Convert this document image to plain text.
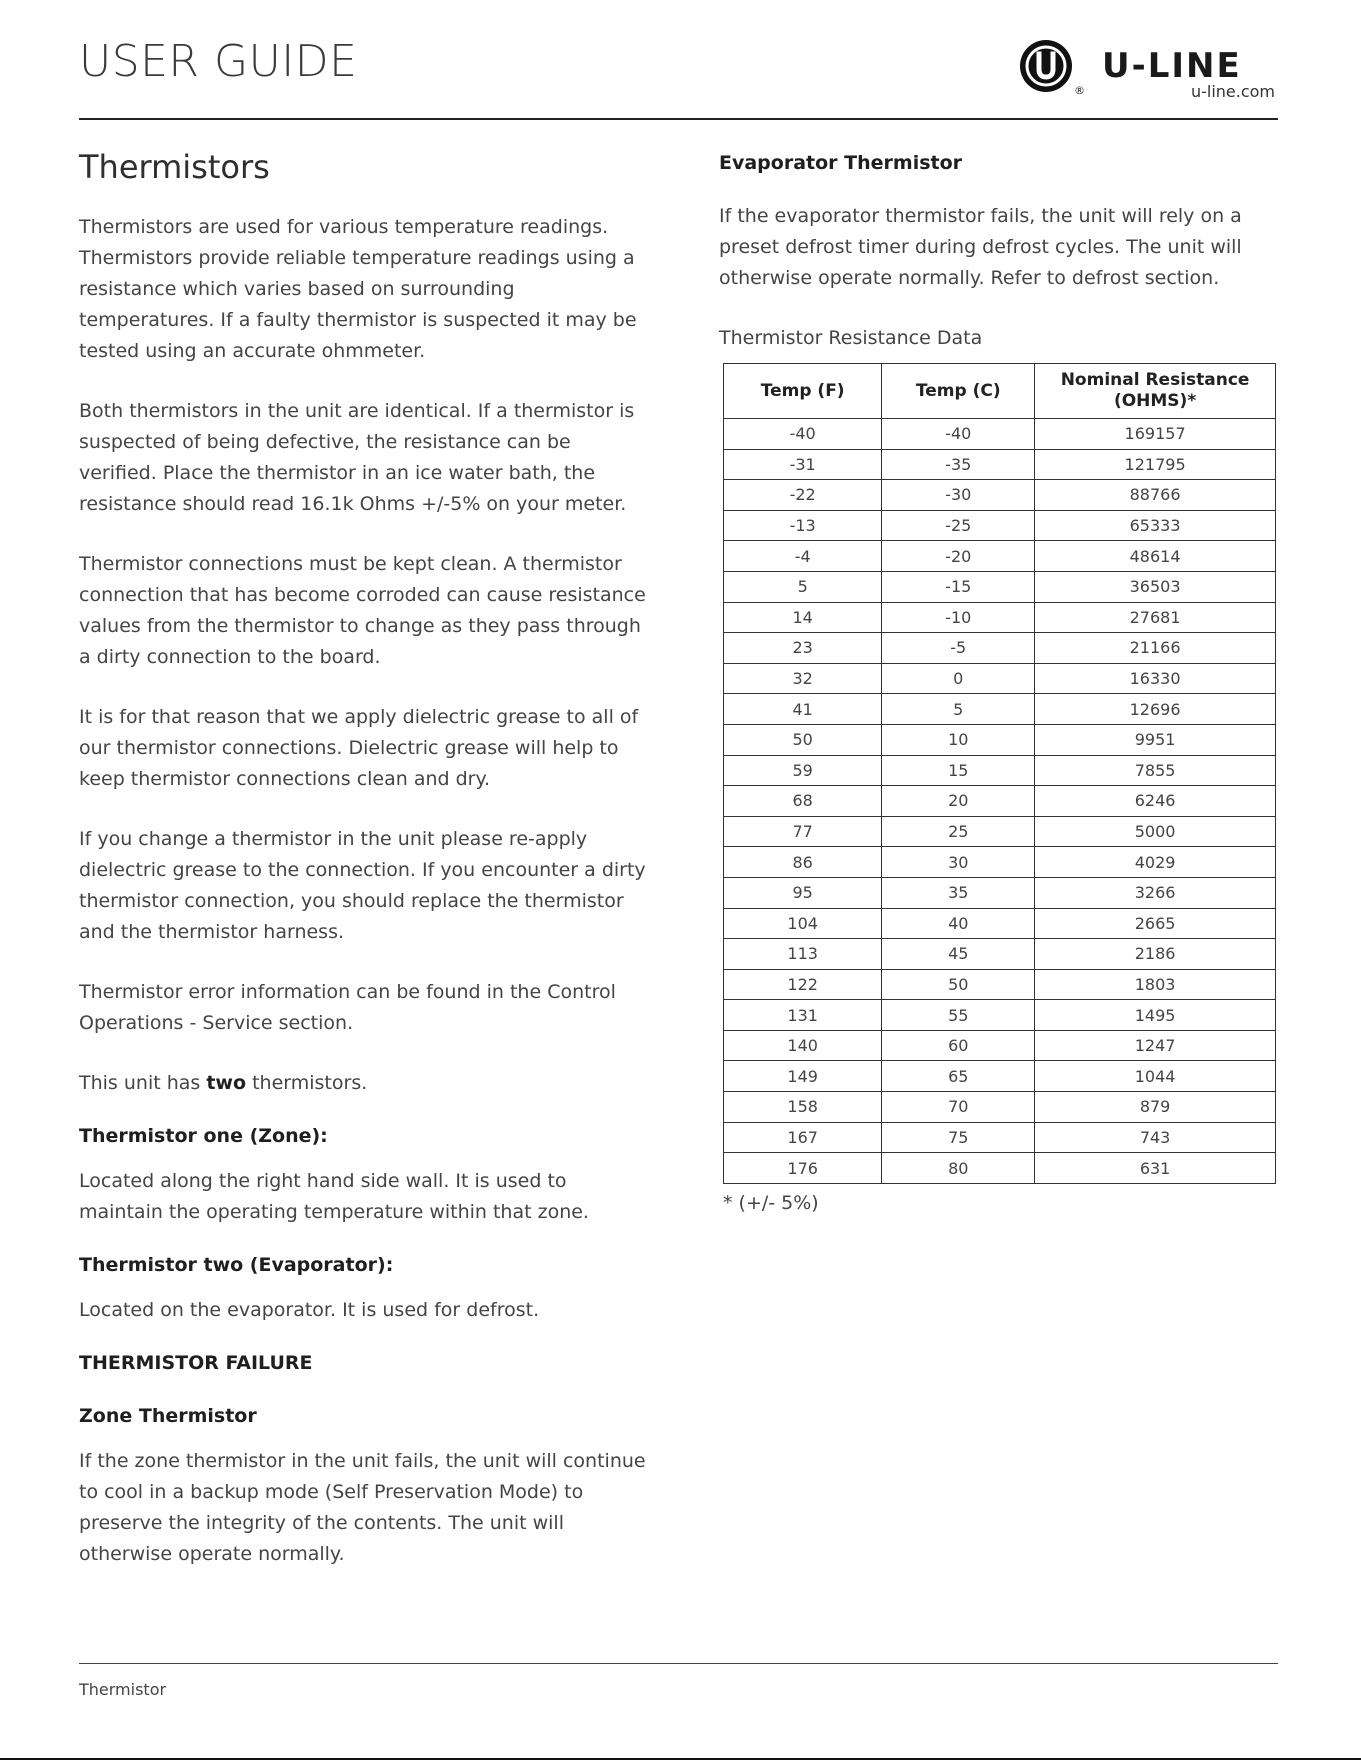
USER GUIDE
®
U-LINE
u-line.com
Thermistors

Thermistors are used for various temperature readings. Thermistors provide reliable temperature readings using a resistance which varies based on surrounding temperatures. If a faulty thermistor is suspected it may be tested using an accurate ohmmeter.

Both thermistors in the unit are identical. If a thermistor is suspected of being defective, the resistance can be verified. Place the thermistor in an ice water bath, the resistance should read 16.1k Ohms +/-5% on your meter.

Thermistor connections must be kept clean. A thermistor connection that has become corroded can cause resistance values from the thermistor to change as they pass through a dirty connection to the board.

It is for that reason that we apply dielectric grease to all of our thermistor connections. Dielectric grease will help to keep thermistor connections clean and dry.

If you change a thermistor in the unit please re-apply dielectric grease to the connection. If you encounter a dirty thermistor connection, you should replace the thermistor and the thermistor harness.

Thermistor error information can be found in the Control Operations - Service section.

This unit has two thermistors.

Thermistor one (Zone):

Located along the right hand side wall. It is used to maintain the operating temperature within that zone.

Thermistor two (Evaporator):

Located on the evaporator. It is used for defrost.

THERMISTOR FAILURE
Zone Thermistor

If the zone thermistor in the unit fails, the unit will continue to cool in a backup mode (Self Preservation Mode) to preserve the integrity of the contents. The unit will otherwise operate normally.

Evaporator Thermistor

If the evaporator thermistor fails, the unit will rely on a preset defrost timer during defrost cycles. The unit will otherwise operate normally. Refer to defrost section.

Thermistor Resistance Data

Temp (F)	Temp (C)	Nominal Resistance (OHMS)*
-40	-40	169157
-31	-35	121795
-22	-30	88766
-13	-25	65333
-4	-20	48614
5	-15	36503
14	-10	27681
23	-5	21166
32	0	16330
41	5	12696
50	10	9951
59	15	7855
68	20	6246
77	25	5000
86	30	4029
95	35	3266
104	40	2665
113	45	2186
122	50	1803
131	55	1495
140	60	1247
149	65	1044
158	70	879
167	75	743
176	80	631
* (+/- 5%)
Thermistor
